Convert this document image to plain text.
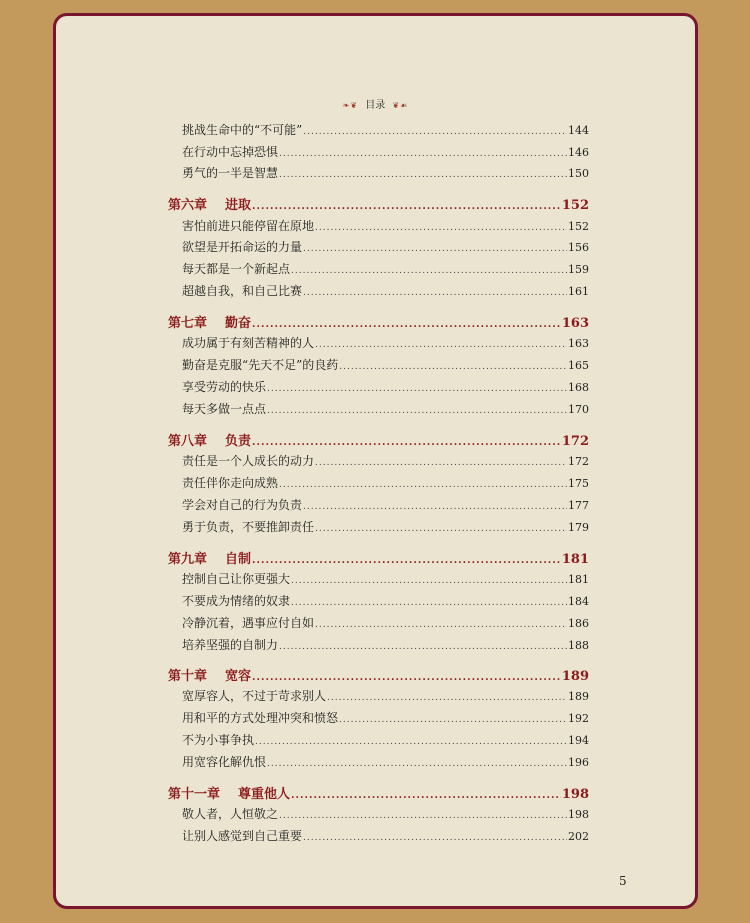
❧❦ 目录 ❦☙
挑战生命中的“不可能” .....	144
在行动中忘掉恐惧 .....	146
勇气的一半是智慧 .....	150
第六章 进取 .....	152
害怕前进只能停留在原地 .....	152
欲望是开拓命运的力量 .....	156
每天都是一个新起点 .....	159
超越自我，和自己比赛 .....	161
第七章 勤奋 .....	163
成功属于有刻苦精神的人 .....	163
勤奋是克服“先天不足”的良药 .....	165
享受劳动的快乐 .....	168
每天多做一点点 .....	170
第八章 负责 .....	172
责任是一个人成长的动力 .....	172
责任伴你走向成熟 .....	175
学会对自己的行为负责 .....	177
勇于负责，不要推卸责任 .....	179
第九章 自制 .....	181
控制自己让你更强大 .....	181
不要成为情绪的奴隶 .....	184
冷静沉着，遇事应付自如 .....	186
培养坚强的自制力 .....	188
第十章 宽容 .....	189
宽厚容人，不过于苛求别人 .....	189
用和平的方式处理冲突和愤怒 .....	192
不为小事争执 .....	194
用宽容化解仇恨 .....	196
第十一章 尊重他人 .....	198
敬人者，人恒敬之 .....	198
让别人感觉到自己重要 .....	202
5
